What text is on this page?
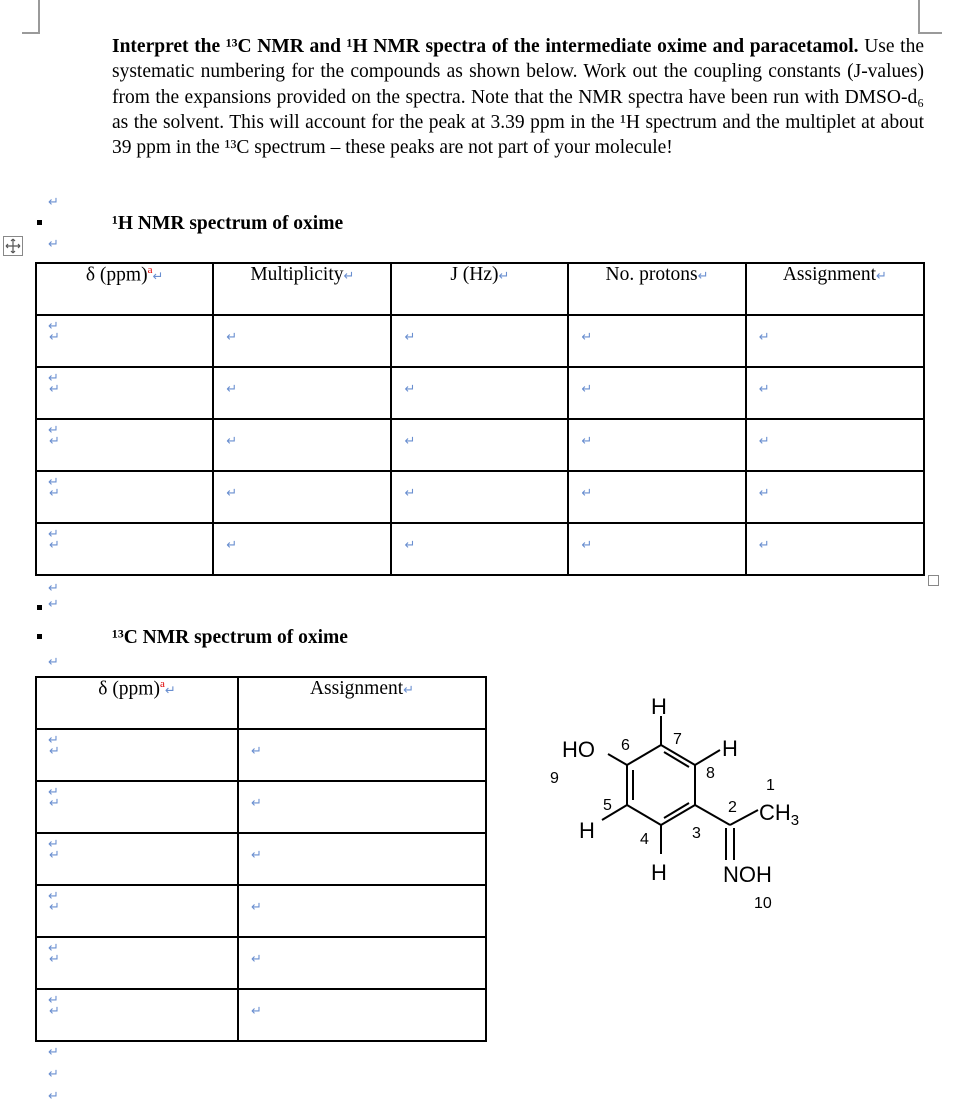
Interpret the ¹³C NMR and ¹H NMR spectra of the intermediate oxime and paracetamol. Use the systematic numbering for the compounds as shown below. Work out the coupling constants (J-values) from the expansions provided on the spectra. Note that the NMR spectra have been run with DMSO-d₆ as the solvent. This will account for the peak at 3.39 ppm in the ¹H spectrum and the multiplet at about 39 ppm in the ¹³C spectrum – these peaks are not part of your molecule!
↵
¹H NMR spectrum of oxime
↵
δ (ppm)$^a$↵	Multiplicity↵	J (Hz)↵	No. protons↵	Assignment↵

↵	↵	↵	↵	↵

↵	↵	↵	↵	↵

↵	↵	↵	↵	↵

↵	↵	↵	↵	↵

↵	↵	↵	↵	↵
↵
↵
↵
↵
↵
↵
↵
¹³C NMR spectrum of oxime
↵
δ (ppm)$^a$↵	Assignment↵

↵	↵

↵	↵

↵	↵

↵	↵

↵	↵

↵	↵
↵
↵
↵
↵
↵
↵
↵
↵
↵
H
HO	H
H
H
$CH_3$
NOH
1
2
3
4
5
6	7
8
9
10
